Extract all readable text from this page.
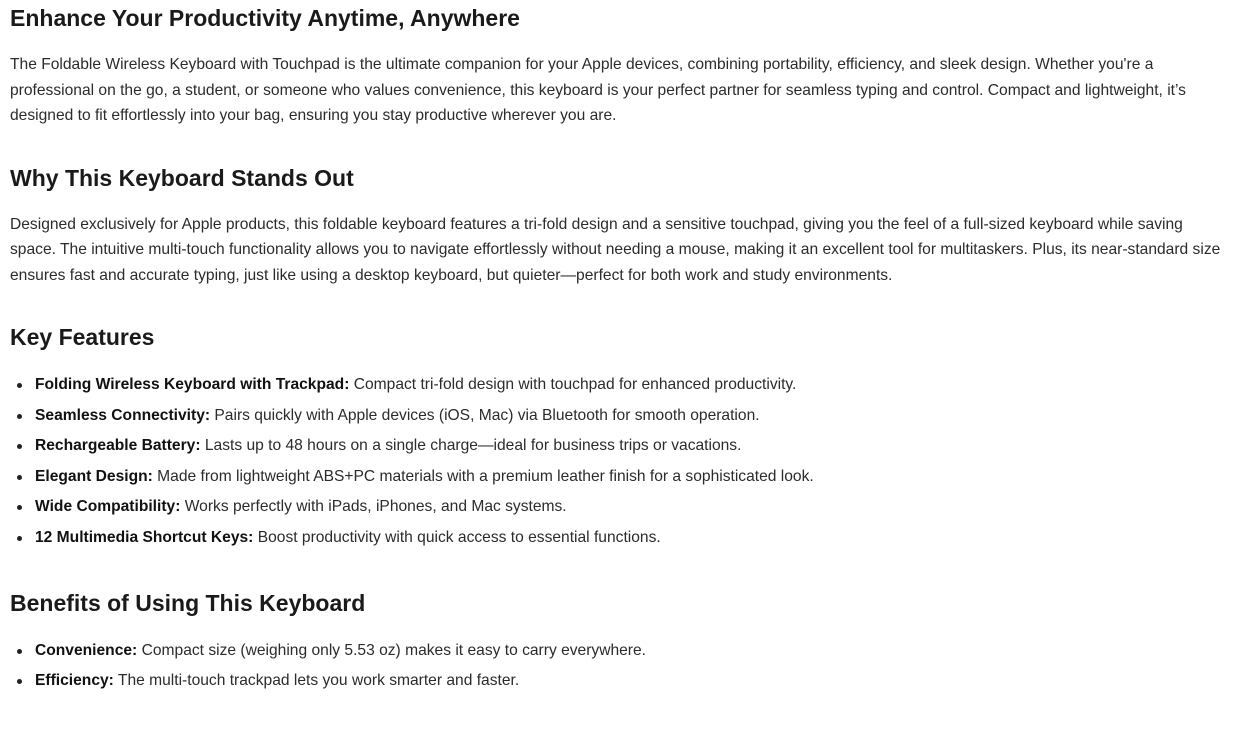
Enhance Your Productivity Anytime, Anywhere

The Foldable Wireless Keyboard with Touchpad is the ultimate companion for your Apple devices, combining portability, efficiency, and sleek design. Whether you're a professional on the go, a student, or someone who values convenience, this keyboard is your perfect partner for seamless typing and control. Compact and lightweight, it’s designed to fit effortlessly into your bag, ensuring you stay productive wherever you are.

Why This Keyboard Stands Out

Designed exclusively for Apple products, this foldable keyboard features a tri-fold design and a sensitive touchpad, giving you the feel of a full-sized keyboard while saving space. The intuitive multi-touch functionality allows you to navigate effortlessly without needing a mouse, making it an excellent tool for multitaskers. Plus, its near-standard size ensures fast and accurate typing, just like using a desktop keyboard, but quieter—perfect for both work and study environments.

Key Features
Folding Wireless Keyboard with Trackpad: Compact tri-fold design with touchpad for enhanced productivity.
Seamless Connectivity: Pairs quickly with Apple devices (iOS, Mac) via Bluetooth for smooth operation.
Rechargeable Battery: Lasts up to 48 hours on a single charge—ideal for business trips or vacations.
Elegant Design: Made from lightweight ABS+PC materials with a premium leather finish for a sophisticated look.
Wide Compatibility: Works perfectly with iPads, iPhones, and Mac systems.
12 Multimedia Shortcut Keys: Boost productivity with quick access to essential functions.
Benefits of Using This Keyboard
Convenience: Compact size (weighing only 5.53 oz) makes it easy to carry everywhere.
Efficiency: The multi-touch trackpad lets you work smarter and faster.
